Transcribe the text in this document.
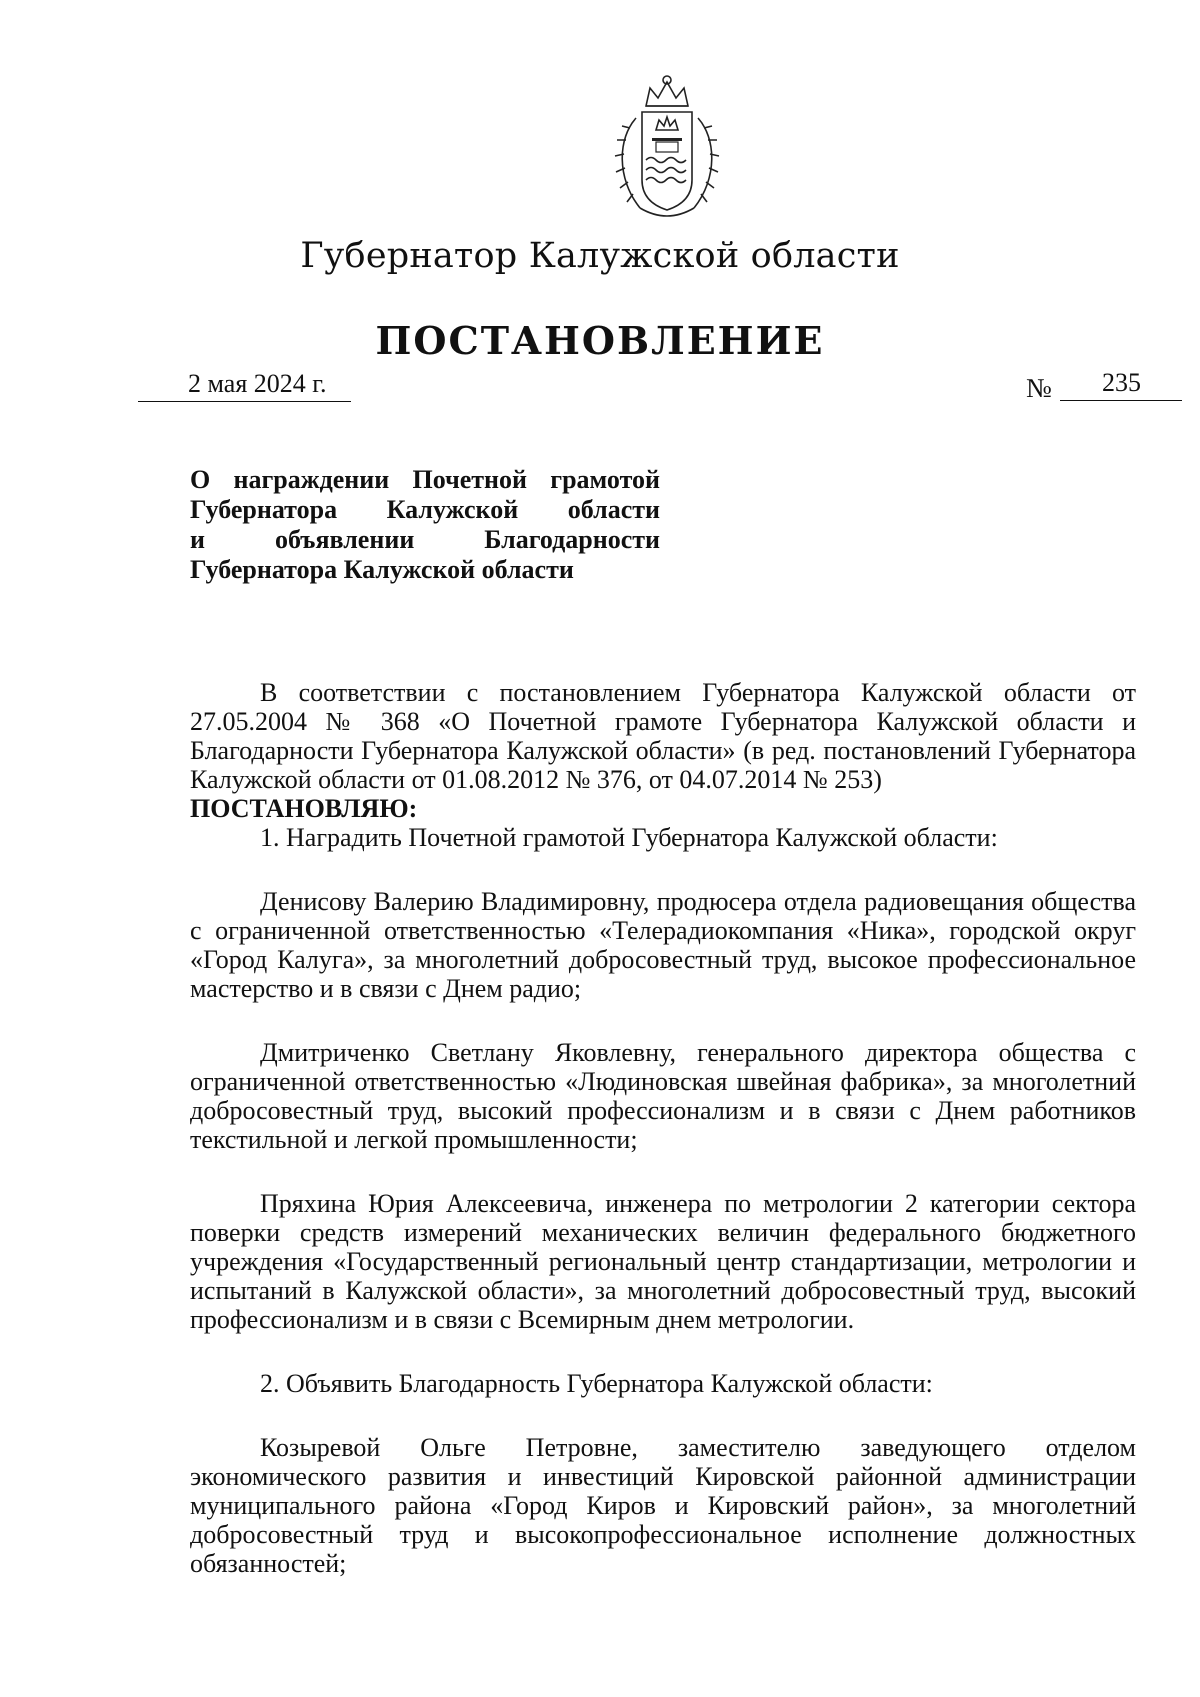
Губернатор Калужской области
ПОСТАНОВЛЕНИЕ
2 мая 2024 г.	№ 235
О награждении Почетной грамотой
Губернатора Калужской области
и объявлении Благодарности
Губернатора Калужской области

В соответствии с постановлением Губернатора Калужской области от 27.05.2004 № 368 «О Почетной грамоте Губернатора Калужской области и Благодарности Губернатора Калужской области» (в ред. постановлений Губернатора Калужской области от 01.08.2012 № 376, от 04.07.2014 № 253)

ПОСТАНОВЛЯЮ:

1. Наградить Почетной грамотой Губернатора Калужской области:

Денисову Валерию Владимировну, продюсера отдела радиовещания общества с ограниченной ответственностью «Телерадиокомпания «Ника», городской округ «Город Калуга», за многолетний добросовестный труд, высокое профессиональное мастерство и в связи с Днем радио;

Дмитриченко Светлану Яковлевну, генерального директора общества с ограниченной ответственностью «Людиновская швейная фабрика», за многолетний добросовестный труд, высокий профессионализм и в связи с Днем работников текстильной и легкой промышленности;

Пряхина Юрия Алексеевича, инженера по метрологии 2 категории сектора поверки средств измерений механических величин федерального бюджетного учреждения «Государственный региональный центр стандартизации, метрологии и испытаний в Калужской области», за многолетний добросовестный труд, высокий профессионализм и в связи с Всемирным днем метрологии.

2. Объявить Благодарность Губернатора Калужской области:

Козыревой Ольге Петровне, заместителю заведующего отделом экономического развития и инвестиций Кировской районной администрации муниципального района «Город Киров и Кировский район», за многолетний добросовестный труд и высокопрофессиональное исполнение должностных обязанностей;
